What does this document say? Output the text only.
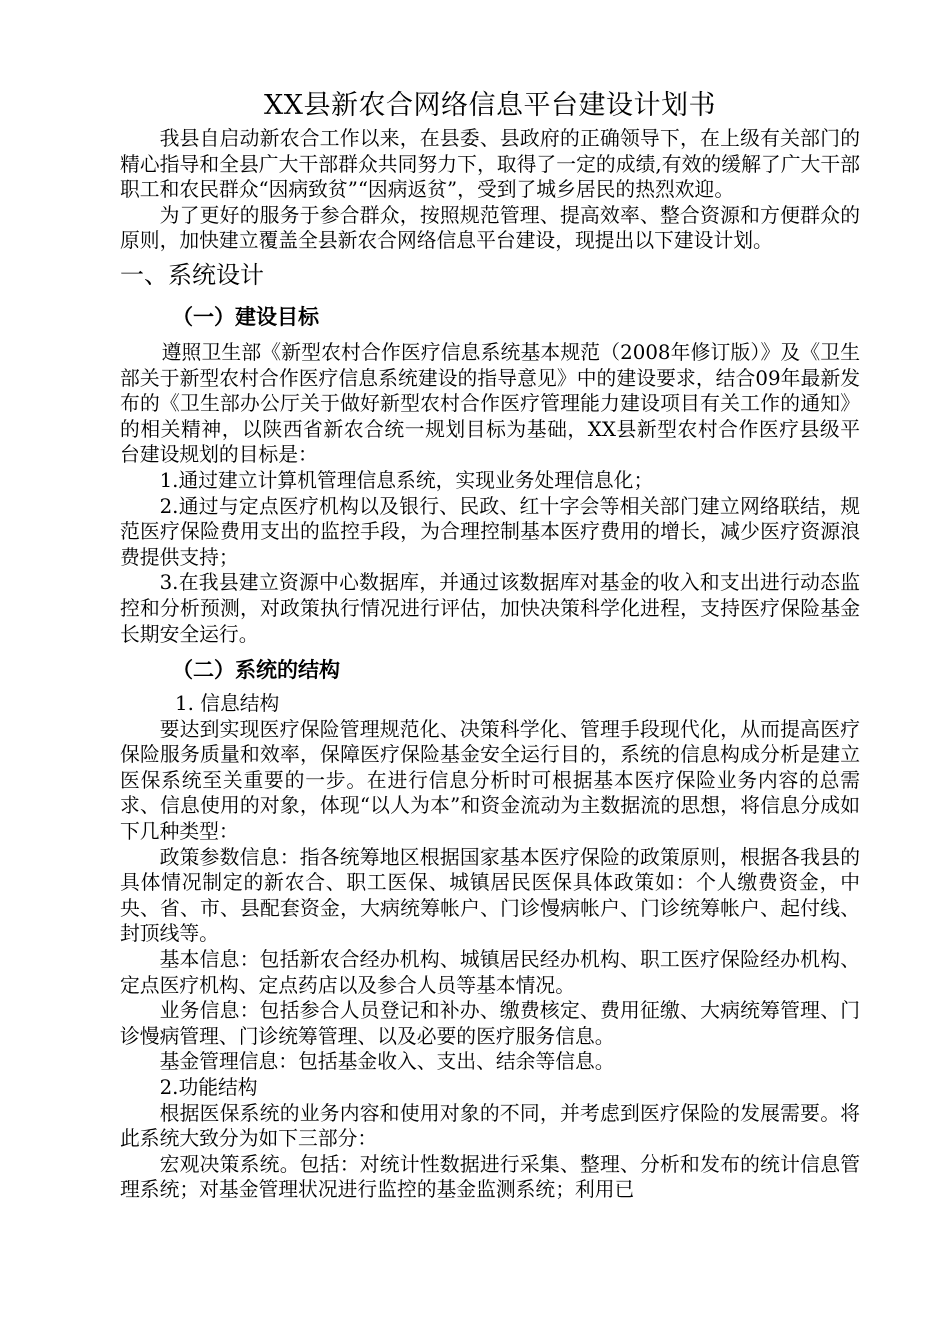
XX县新农合网络信息平台建设计划书

我县自启动新农合工作以来，在县委、县政府的正确领导下，在上级有关部门的精心指导和全县广大干部群众共同努力下，取得了一定的成绩,有效的缓解了广大干部职工和农民群众“因病致贫”“因病返贫”，受到了城乡居民的热烈欢迎。

为了更好的服务于参合群众，按照规范管理、提高效率、整合资源和方便群众的原则，加快建立覆盖全县新农合网络信息平台建设，现提出以下建设计划。

一、系统设计
（一）建设目标

遵照卫生部《新型农村合作医疗信息系统基本规范（2008年修订版）》及《卫生部关于新型农村合作医疗信息系统建设的指导意见》中的建设要求，结合09年最新发布的《卫生部办公厅关于做好新型农村合作医疗管理能力建设项目有关工作的通知》的相关精神，以陕西省新农合统一规划目标为基础，XX县新型农村合作医疗县级平台建设规划的目标是：

1.通过建立计算机管理信息系统，实现业务处理信息化；

2.通过与定点医疗机构以及银行、民政、红十字会等相关部门建立网络联结，规范医疗保险费用支出的监控手段，为合理控制基本医疗费用的增长，减少医疗资源浪费提供支持；

3.在我县建立资源中心数据库，并通过该数据库对基金的收入和支出进行动态监控和分析预测，对政策执行情况进行评估，加快决策科学化进程，支持医疗保险基金长期安全运行。

（二）系统的结构

1. 信息结构

要达到实现医疗保险管理规范化、决策科学化、管理手段现代化，从而提高医疗保险服务质量和效率，保障医疗保险基金安全运行目的，系统的信息构成分析是建立医保系统至关重要的一步。在进行信息分析时可根据基本医疗保险业务内容的总需求、信息使用的对象，体现“以人为本”和资金流动为主数据流的思想，将信息分成如下几种类型：

政策参数信息：指各统筹地区根据国家基本医疗保险的政策原则，根据各我县的具体情况制定的新农合、职工医保、城镇居民医保具体政策如：个人缴费资金，中央、省、市、县配套资金，大病统筹帐户、门诊慢病帐户、门诊统筹帐户、起付线、封顶线等。

基本信息：包括新农合经办机构、城镇居民经办机构、职工医疗保险经办机构、定点医疗机构、定点药店以及参合人员等基本情况。

业务信息：包括参合人员登记和补办、缴费核定、费用征缴、大病统筹管理、门诊慢病管理、门诊统筹管理、以及必要的医疗服务信息。

基金管理信息：包括基金收入、支出、结余等信息。

2.功能结构

根据医保系统的业务内容和使用对象的不同，并考虑到医疗保险的发展需要。将此系统大致分为如下三部分：

宏观决策系统。包括：对统计性数据进行采集、整理、分析和发布的统计信息管理系统；对基金管理状况进行监控的基金监测系统；利用已
